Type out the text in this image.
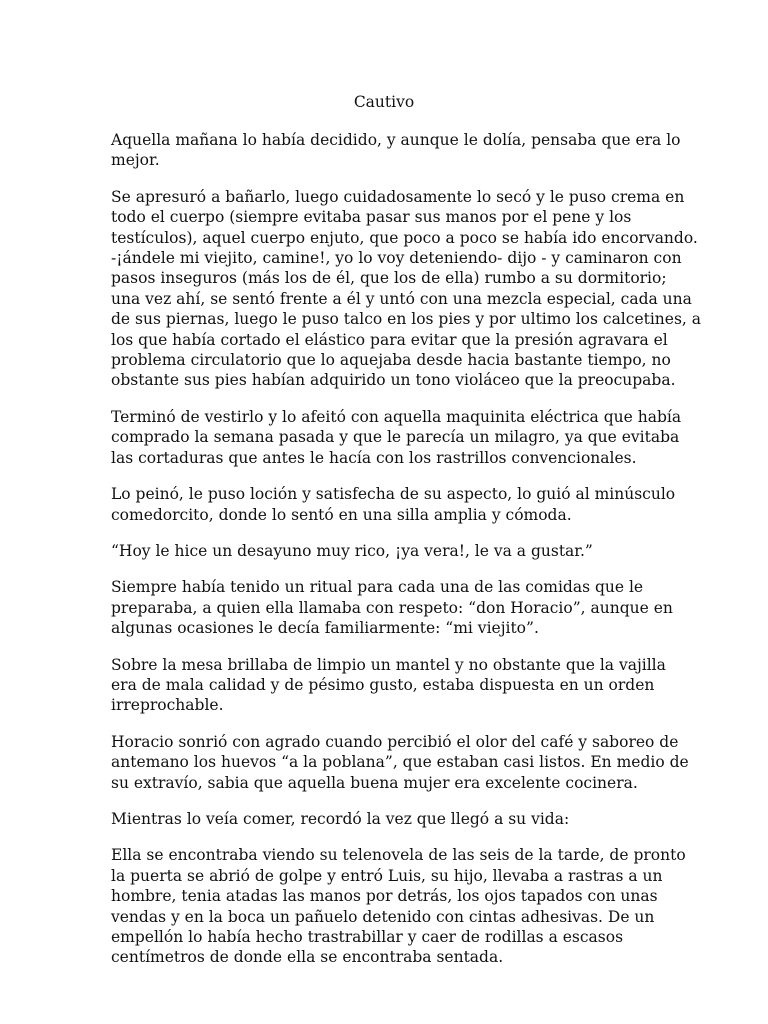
Cautivo

Aquella mañana lo había decidido, y aunque le dolía, pensaba que era lo
mejor.

Se apresuró a bañarlo, luego cuidadosamente lo secó y le puso crema en
todo el cuerpo (siempre evitaba pasar sus manos por el pene y los
testículos), aquel cuerpo enjuto, que poco a poco se había ido encorvando.
-¡ándele mi viejito, camine!, yo lo voy deteniendo- dijo - y caminaron con
pasos inseguros (más los de él, que los de ella) rumbo a su dormitorio;
una vez ahí, se sentó frente a él y untó con una mezcla especial, cada una
de sus piernas, luego le puso talco en los pies y por ultimo los calcetines, a
los que había cortado el elástico para evitar que la presión agravara el
problema circulatorio que lo aquejaba desde hacia bastante tiempo, no
obstante sus pies habían adquirido un tono violáceo que la preocupaba.

Terminó de vestirlo y lo afeitó con aquella maquinita eléctrica que había
comprado la semana pasada y que le parecía un milagro, ya que evitaba
las cortaduras que antes le hacía con los rastrillos convencionales.

Lo peinó, le puso loción y satisfecha de su aspecto, lo guió al minúsculo
comedorcito, donde lo sentó en una silla amplia y cómoda.

“Hoy le hice un desayuno muy rico, ¡ya vera!, le va a gustar.”

Siempre había tenido un ritual para cada una de las comidas que le
preparaba, a quien ella llamaba con respeto: “don Horacio”, aunque en
algunas ocasiones le decía familiarmente: “mi viejito”.

Sobre la mesa brillaba de limpio un mantel y no obstante que la vajilla
era de mala calidad y de pésimo gusto, estaba dispuesta en un orden
irreprochable.

Horacio sonrió con agrado cuando percibió el olor del café y saboreo de
antemano los huevos “a la poblana”, que estaban casi listos. En medio de
su extravío, sabia que aquella buena mujer era excelente cocinera.

Mientras lo veía comer, recordó la vez que llegó a su vida:

Ella se encontraba viendo su telenovela de las seis de la tarde, de pronto
la puerta se abrió de golpe y entró Luis, su hijo, llevaba a rastras a un
hombre, tenia atadas las manos por detrás, los ojos tapados con unas
vendas y en la boca un pañuelo detenido con cintas adhesivas. De un
empellón lo había hecho trastrabillar y caer de rodillas a escasos
centímetros de donde ella se encontraba sentada.
